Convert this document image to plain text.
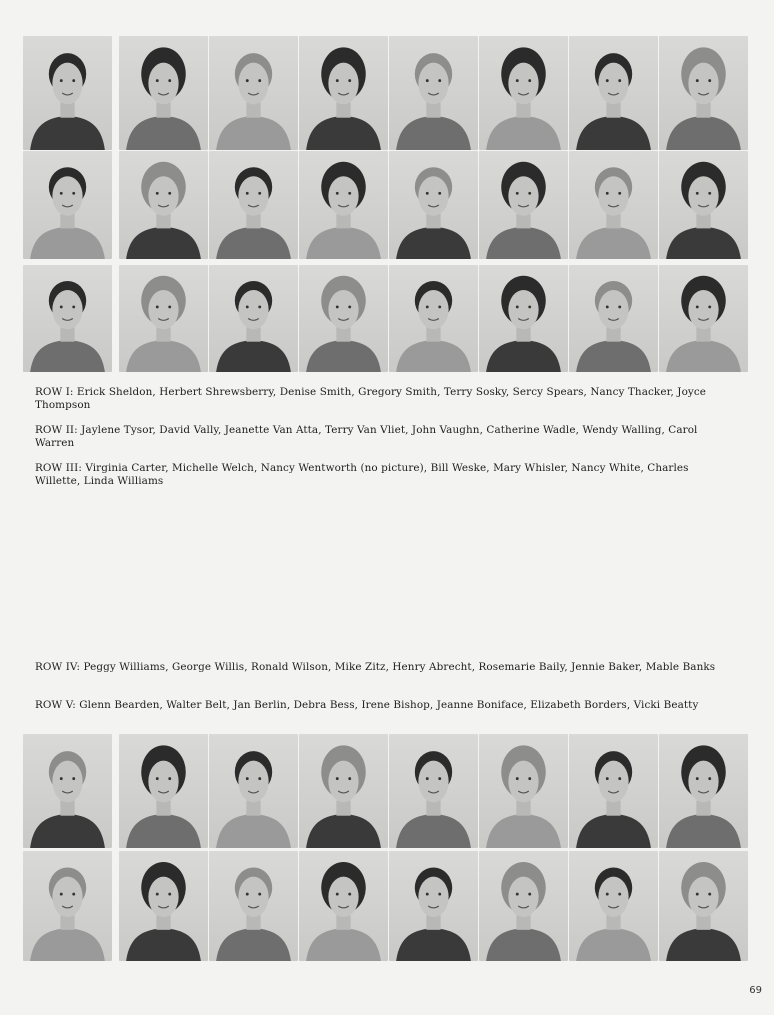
ROW I: Erick Sheldon, Herbert Shrewsberry, Denise Smith, Gregory Smith, Terry Sosky, Sercy Spears, Nancy Thacker, Joyce Thompson

ROW II: Jaylene Tysor, David Vally, Jeanette Van Atta, Terry Van Vliet, John Vaughn, Catherine Wadle, Wendy Walling, Carol Warren

ROW III: Virginia Carter, Michelle Welch, Nancy Wentworth (no picture), Bill Weske, Mary Whisler, Nancy White, Charles Willette, Linda Williams

ROW IV: Peggy Williams, George Willis, Ronald Wilson, Mike Zitz, Henry Abrecht, Rosemarie Baily, Jennie Baker, Mable Banks

ROW V: Glenn Bearden, Walter Belt, Jan Berlin, Debra Bess, Irene Bishop, Jeanne Boniface, Elizabeth Borders, Vicki Beatty

69
